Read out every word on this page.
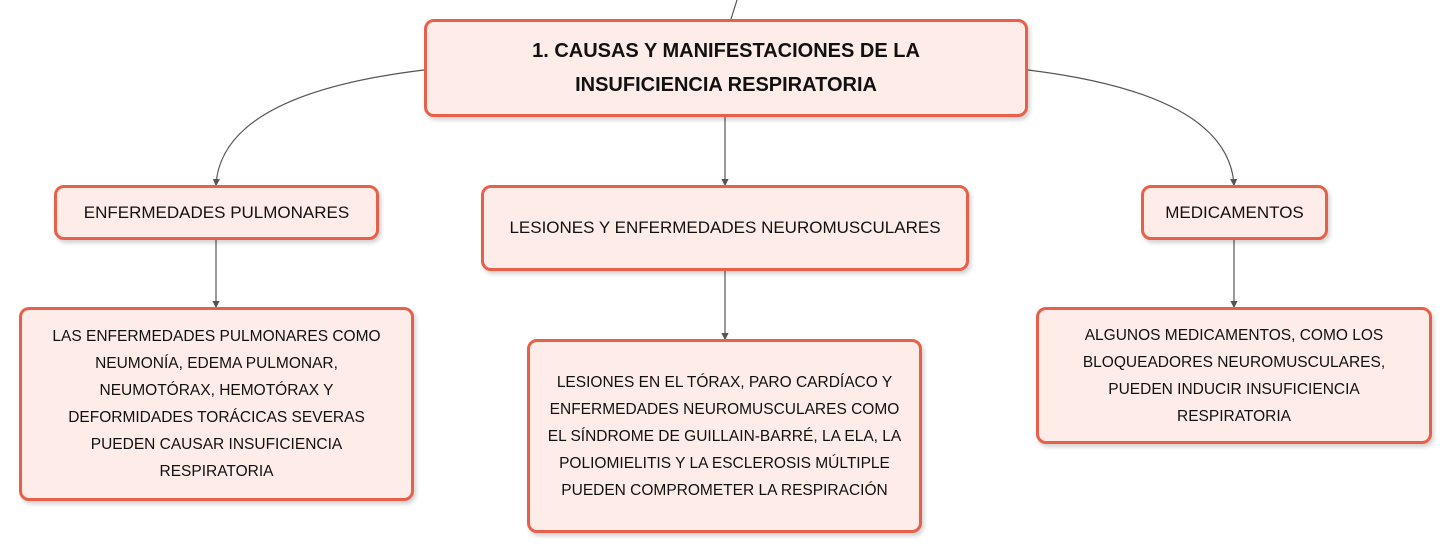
1. CAUSAS Y MANIFESTACIONES DE LA
INSUFICIENCIA RESPIRATORIA
ENFERMEDADES PULMONARES
LESIONES Y ENFERMEDADES NEUROMUSCULARES
MEDICAMENTOS
LAS ENFERMEDADES PULMONARES COMO
NEUMONÍA, EDEMA PULMONAR,
NEUMOTÓRAX, HEMOTÓRAX Y
DEFORMIDADES TORÁCICAS SEVERAS
PUEDEN CAUSAR INSUFICIENCIA
RESPIRATORIA
LESIONES EN EL TÓRAX, PARO CARDÍACO Y
ENFERMEDADES NEUROMUSCULARES COMO
EL SÍNDROME DE GUILLAIN-BARRÉ, LA ELA, LA
POLIOMIELITIS Y LA ESCLEROSIS MÚLTIPLE
PUEDEN COMPROMETER LA RESPIRACIÓN
ALGUNOS MEDICAMENTOS, COMO LOS
BLOQUEADORES NEUROMUSCULARES,
PUEDEN INDUCIR INSUFICIENCIA
RESPIRATORIA
